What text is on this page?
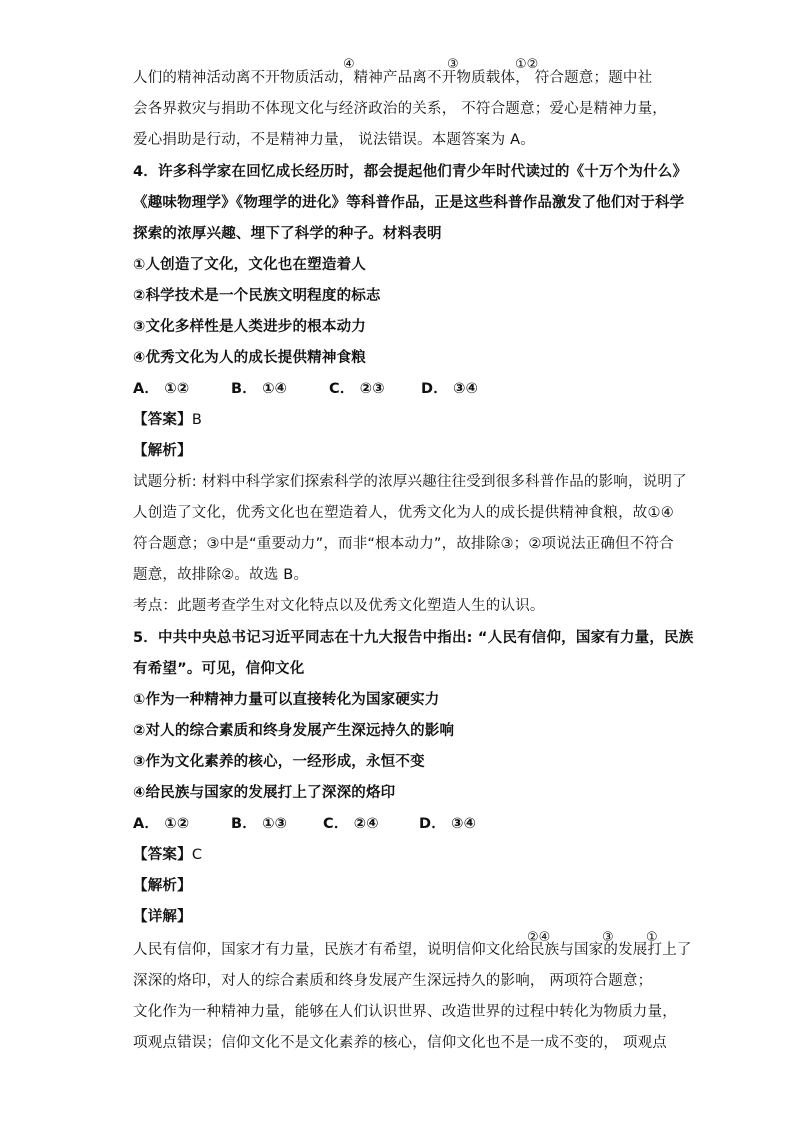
④	③	①②
人们的精神活动离不开物质活动，精神产品离不开物质载体， 符合题意；题中社
会各界救灾与捐助不体现文化与经济政治的关系， 不符合题意；爱心是精神力量，
爱心捐助是行动，不是精神力量， 说法错误。本题答案为 A。
4．许多科学家在回忆成长经历时，都会提起他们青少年时代读过的《十万个为什么》
《趣味物理学》《物理学的进化》等科普作品，正是这些科普作品激发了他们对于科学
探索的浓厚兴趣、埋下了科学的种子。材料表明
①人创造了文化，文化也在塑造着人
②科学技术是一个民族文明程度的标志
③文化多样性是人类进步的根本动力
④优秀文化为人的成长提供精神食粮
A． ①②	B． ①④	C． ②③	D． ③④
【答案】B
【解析】
试题分析: 材料中科学家们探索科学的浓厚兴趣往往受到很多科普作品的影响，说明了
人创造了文化，优秀文化也在塑造着人，优秀文化为人的成长提供精神食粮，故①④
符合题意；③中是“重要动力”，而非“根本动力”，故排除③；②项说法正确但不符合
题意，故排除②。故选 B。
考点：此题考查学生对文化特点以及优秀文化塑造人生的认识。
5．中共中央总书记习近平同志在十九大报告中指出: “人民有信仰，国家有力量，民族
有希望”。可见，信仰文化
①作为一种精神力量可以直接转化为国家硬实力
②对人的综合素质和终身发展产生深远持久的影响
③作为文化素养的核心，一经形成，永恒不变
④给民族与国家的发展打上了深深的烙印
A． ①②	B． ①③ C． ②④	D． ③④
【答案】C
【解析】
【详解】
②④	③ ①
人民有信仰，国家才有力量，民族才有希望，说明信仰文化给民族与国家的发展打上了
深深的烙印，对人的综合素质和终身发展产生深远持久的影响， 两项符合题意；
文化作为一种精神力量，能够在人们认识世界、改造世界的过程中转化为物质力量，
项观点错误；信仰文化不是文化素养的核心，信仰文化也不是一成不变的， 项观点
